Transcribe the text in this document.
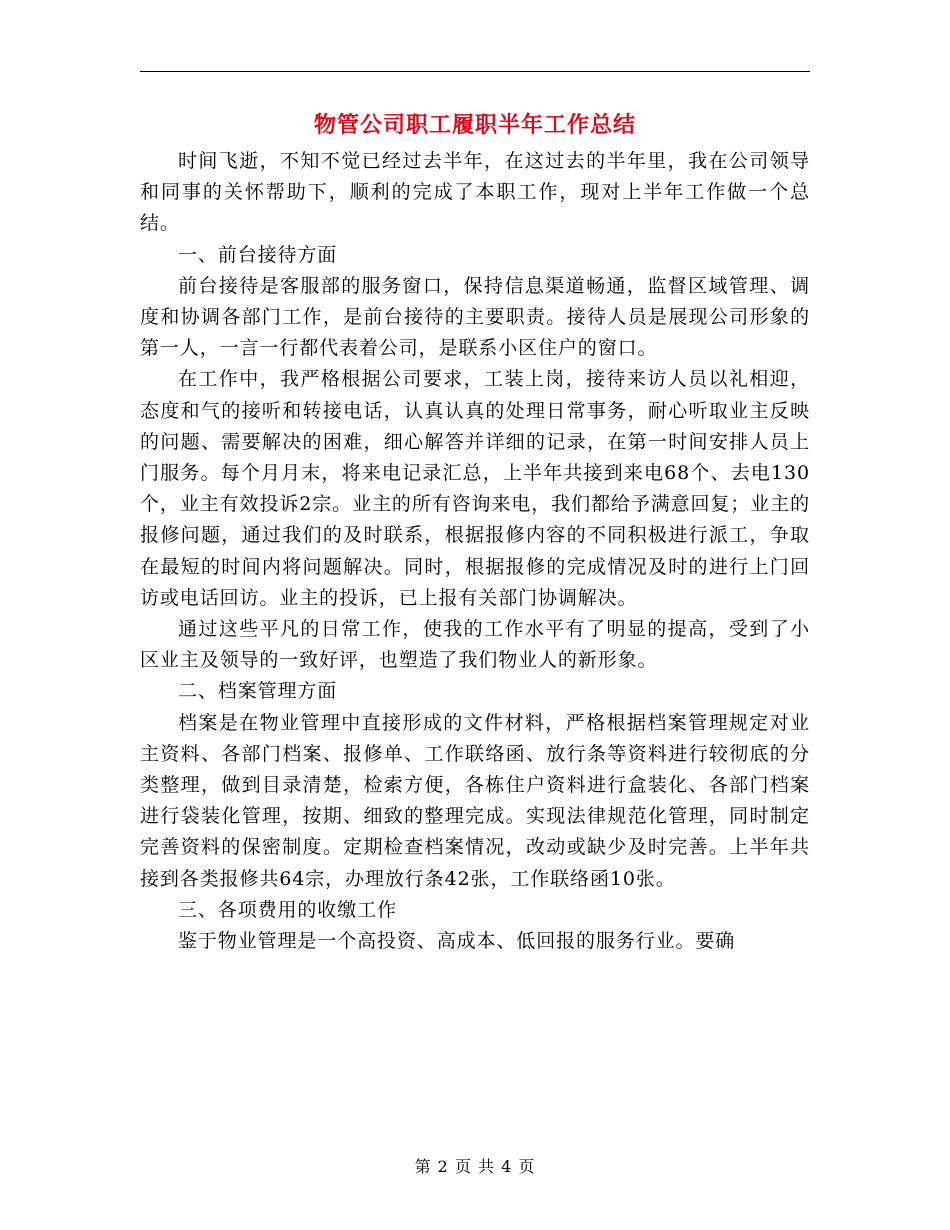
物管公司职工履职半年工作总结

时间飞逝，不知不觉已经过去半年，在这过去的半年里，我在公司领导和同事的关怀帮助下，顺利的完成了本职工作，现对上半年工作做一个总结。

一、前台接待方面

前台接待是客服部的服务窗口，保持信息渠道畅通，监督区域管理、调度和协调各部门工作，是前台接待的主要职责。接待人员是展现公司形象的第一人，一言一行都代表着公司，是联系小区住户的窗口。

在工作中，我严格根据公司要求，工装上岗，接待来访人员以礼相迎，态度和气的接听和转接电话，认真认真的处理日常事务，耐心听取业主反映的问题、需要解决的困难，细心解答并详细的记录，在第一时间安排人员上门服务。每个月月末，将来电记录汇总，上半年共接到来电68个、去电130个，业主有效投诉2宗。业主的所有咨询来电，我们都给予满意回复；业主的报修问题，通过我们的及时联系，根据报修内容的不同积极进行派工，争取在最短的时间内将问题解决。同时，根据报修的完成情况及时的进行上门回访或电话回访。业主的投诉，已上报有关部门协调解决。

通过这些平凡的日常工作，使我的工作水平有了明显的提高，受到了小区业主及领导的一致好评，也塑造了我们物业人的新形象。

二、档案管理方面

档案是在物业管理中直接形成的文件材料，严格根据档案管理规定对业主资料、各部门档案、报修单、工作联络函、放行条等资料进行较彻底的分类整理，做到目录清楚，检索方便，各栋住户资料进行盒装化、各部门档案进行袋装化管理，按期、细致的整理完成。实现法律规范化管理，同时制定完善资料的保密制度。定期检查档案情况，改动或缺少及时完善。上半年共接到各类报修共64宗，办理放行条42张，工作联络函10张。

三、各项费用的收缴工作

鉴于物业管理是一个高投资、高成本、低回报的服务行业。要确

第 2 页 共 4 页
